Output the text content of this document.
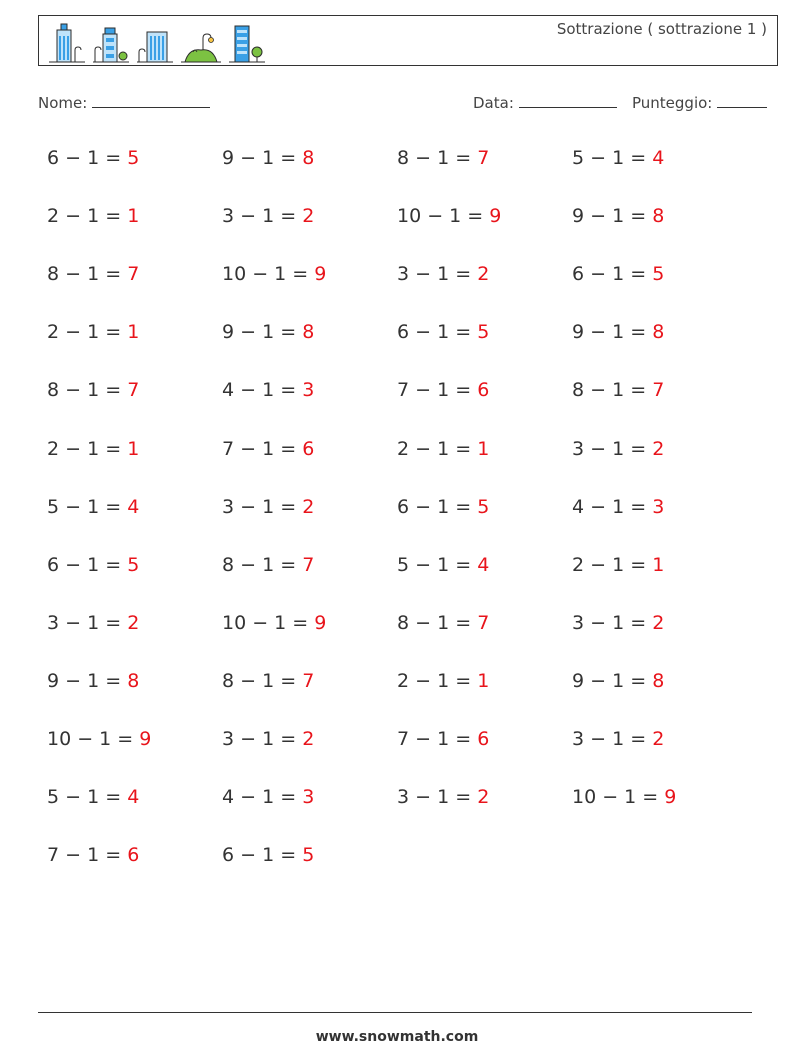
Sottrazione ( sottrazione 1 )
Nome:	Data:	Punteggio:
6 − 1 = 5
2 − 1 = 1
8 − 1 = 7
2 − 1 = 1
8 − 1 = 7
2 − 1 = 1
5 − 1 = 4
6 − 1 = 5
3 − 1 = 2
9 − 1 = 8
10 − 1 = 9
5 − 1 = 4
7 − 1 = 6
9 − 1 = 8
3 − 1 = 2
10 − 1 = 9
9 − 1 = 8
4 − 1 = 3
7 − 1 = 6
3 − 1 = 2
8 − 1 = 7
10 − 1 = 9
8 − 1 = 7
3 − 1 = 2
4 − 1 = 3
6 − 1 = 5
8 − 1 = 7
10 − 1 = 9
3 − 1 = 2
6 − 1 = 5
7 − 1 = 6
2 − 1 = 1
6 − 1 = 5
5 − 1 = 4
8 − 1 = 7
2 − 1 = 1
7 − 1 = 6
3 − 1 = 2
5 − 1 = 4
9 − 1 = 8
6 − 1 = 5
9 − 1 = 8
8 − 1 = 7
3 − 1 = 2
4 − 1 = 3
2 − 1 = 1
3 − 1 = 2
9 − 1 = 8
3 − 1 = 2
10 − 1 = 9
www.snowmath.com
